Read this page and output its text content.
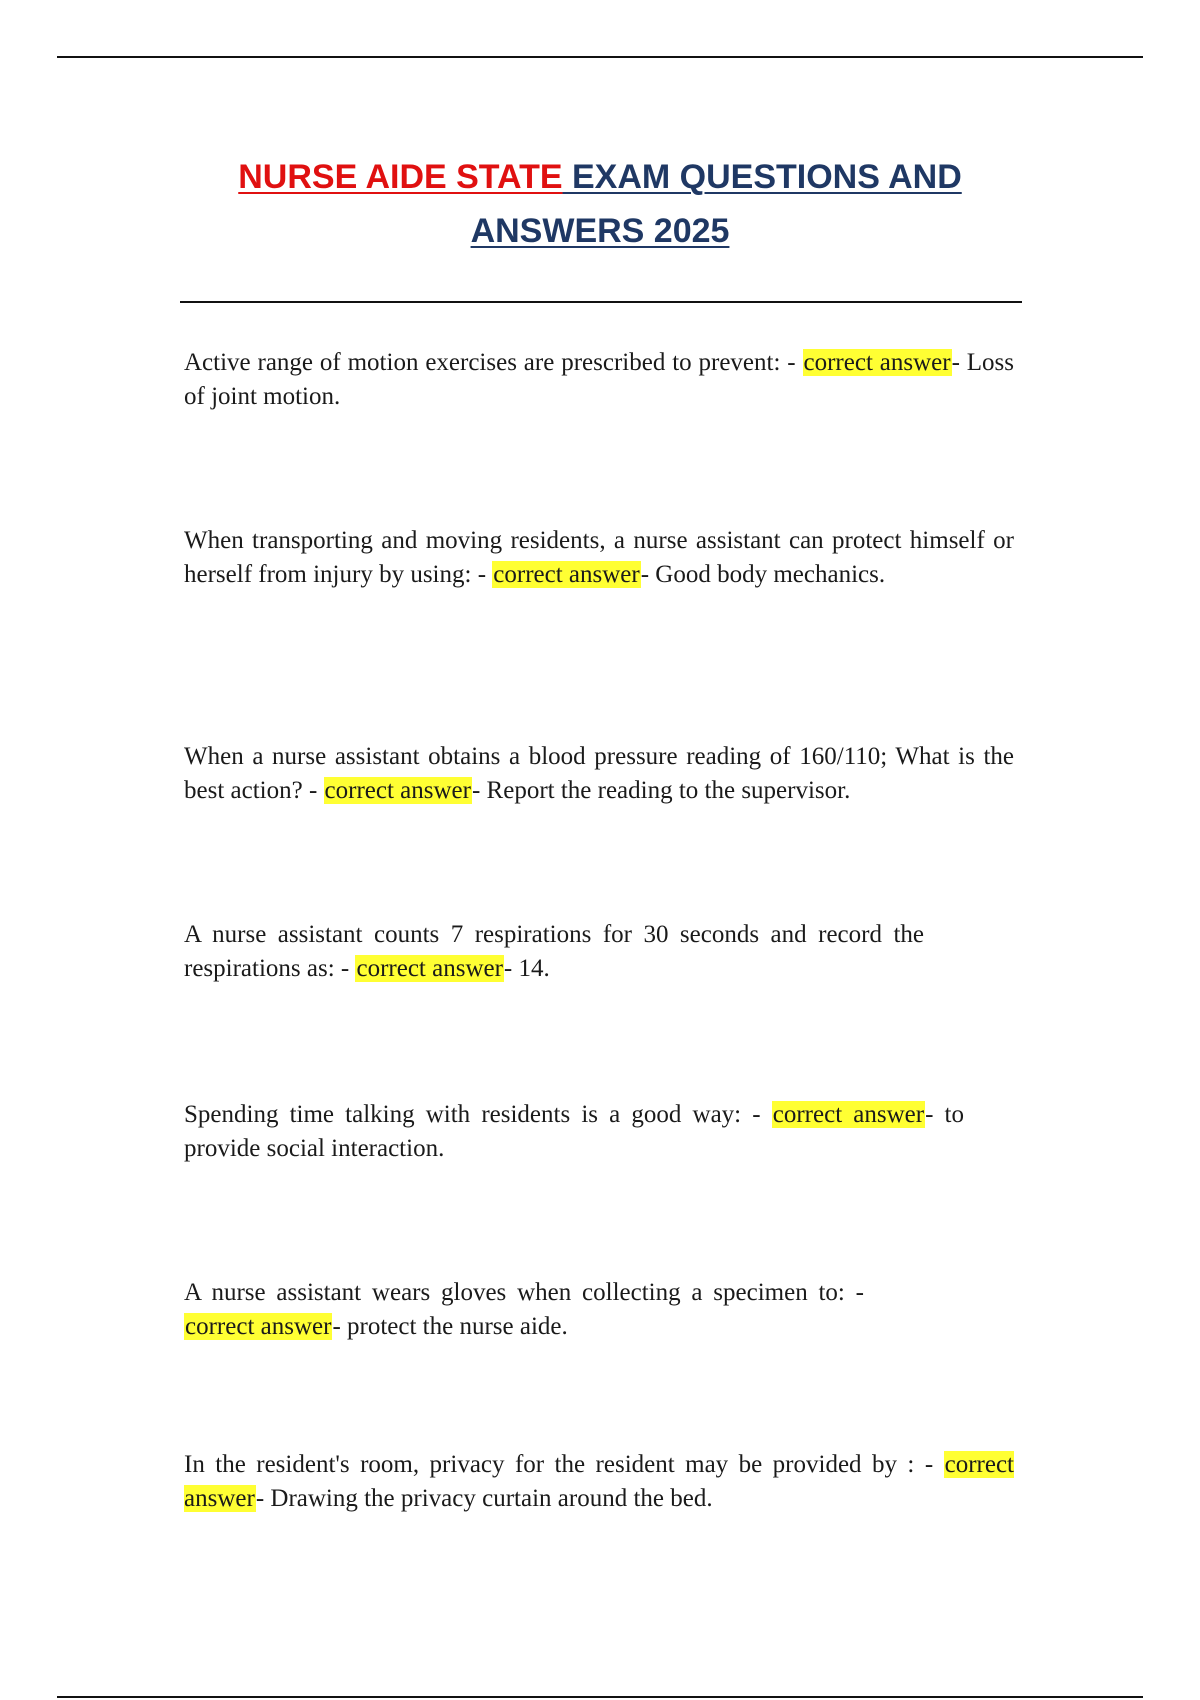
NURSE AIDE STATE EXAM QUESTIONS AND ANSWERS 2025

Active range of motion exercises are prescribed to prevent: - correct answer- Loss of joint motion.

When transporting and moving residents, a nurse assistant can protect himself or herself from injury by using: - correct answer- Good body mechanics.

When a nurse assistant obtains a blood pressure reading of 160/110; What is the best action? - correct answer- Report the reading to the supervisor.

A nurse assistant counts 7 respirations for 30 seconds and record the respirations as: - correct answer- 14.

Spending time talking with residents is a good way: - correct answer- to provide social interaction.

A nurse assistant wears gloves when collecting a specimen to: - correct answer- protect the nurse aide.

In the resident's room, privacy for the resident may be provided by : - correct answer- Drawing the privacy curtain around the bed.
